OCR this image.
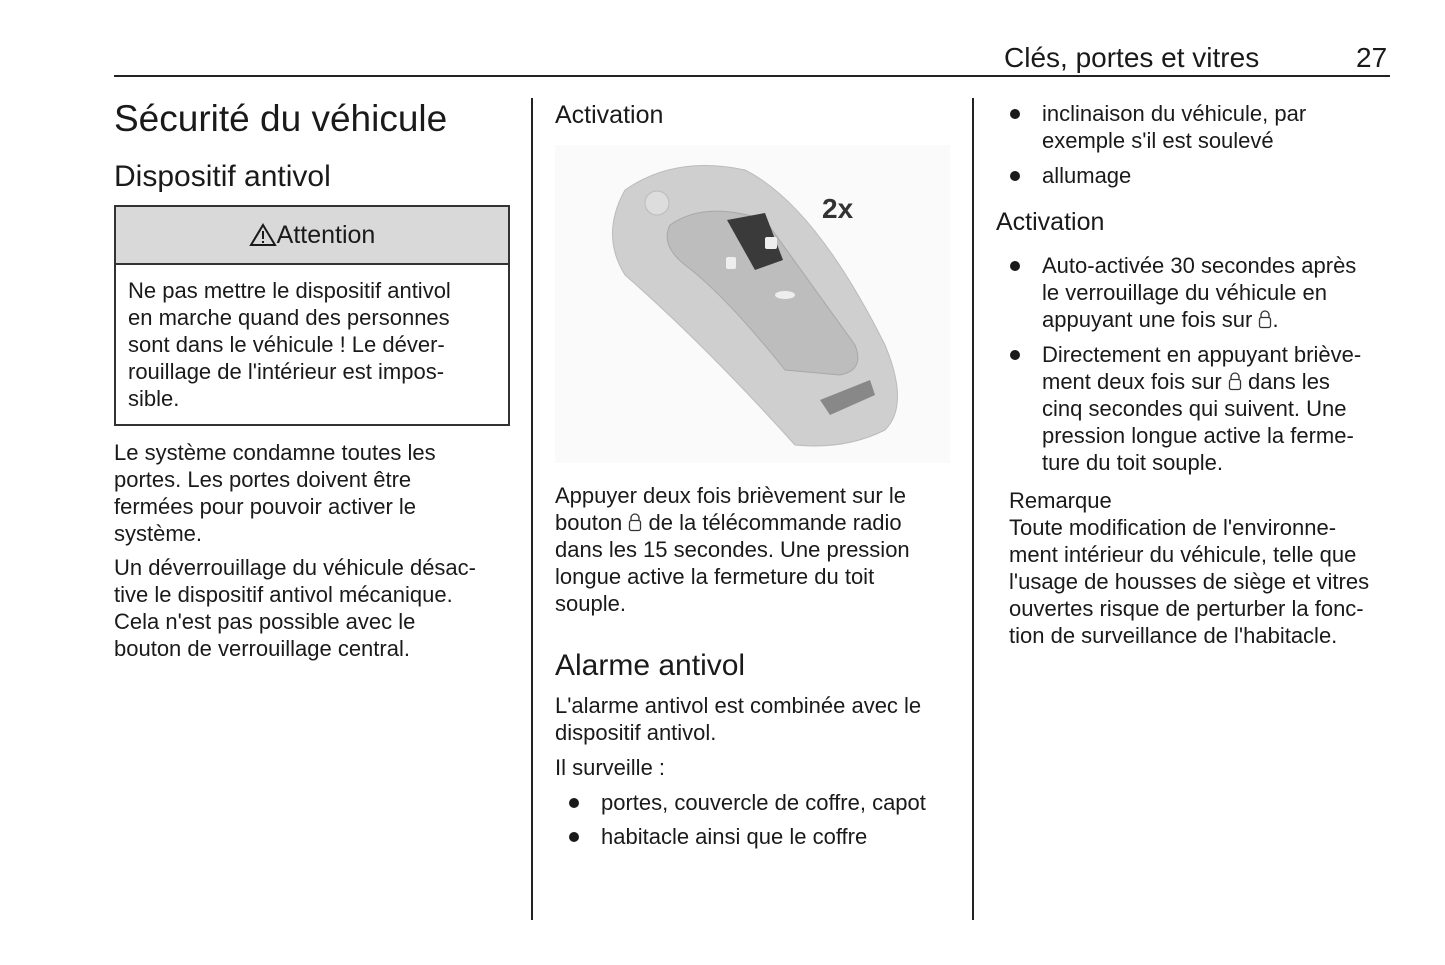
Clés, portes et vitres	27
Sécurité du véhicule
Dispositif antivol
Attention
Ne pas mettre le dispositif antivol
en marche quand des personnes
sont dans le véhicule ! Le déver-
rouillage de l'intérieur est impos-
sible.
Le système condamne toutes les
portes. Les portes doivent être
fermées pour pouvoir activer le
système.
Un déverrouillage du véhicule désac-
tive le dispositif antivol mécanique.
Cela n'est pas possible avec le
bouton de verrouillage central.
Activation
2x
Appuyer deux fois brièvement sur le
bouton  de la télécommande radio
dans les 15 secondes. Une pression
longue active la fermeture du toit
souple.
Alarme antivol
L'alarme antivol est combinée avec le
dispositif antivol.
Il surveille :
portes, couvercle de coffre, capot
habitacle ainsi que le coffre
inclinaison du véhicule, par
exemple s'il est soulevé
allumage
Activation
Auto-activée 30 secondes après
le verrouillage du véhicule en
appuyant une fois sur .
Directement en appuyant briève-
ment deux fois sur  dans les
cinq secondes qui suivent. Une
pression longue active la ferme-
ture du toit souple.
Remarque
Toute modification de l'environne-
ment intérieur du véhicule, telle que
l'usage de housses de siège et vitres
ouvertes risque de perturber la fonc-
tion de surveillance de l'habitacle.
